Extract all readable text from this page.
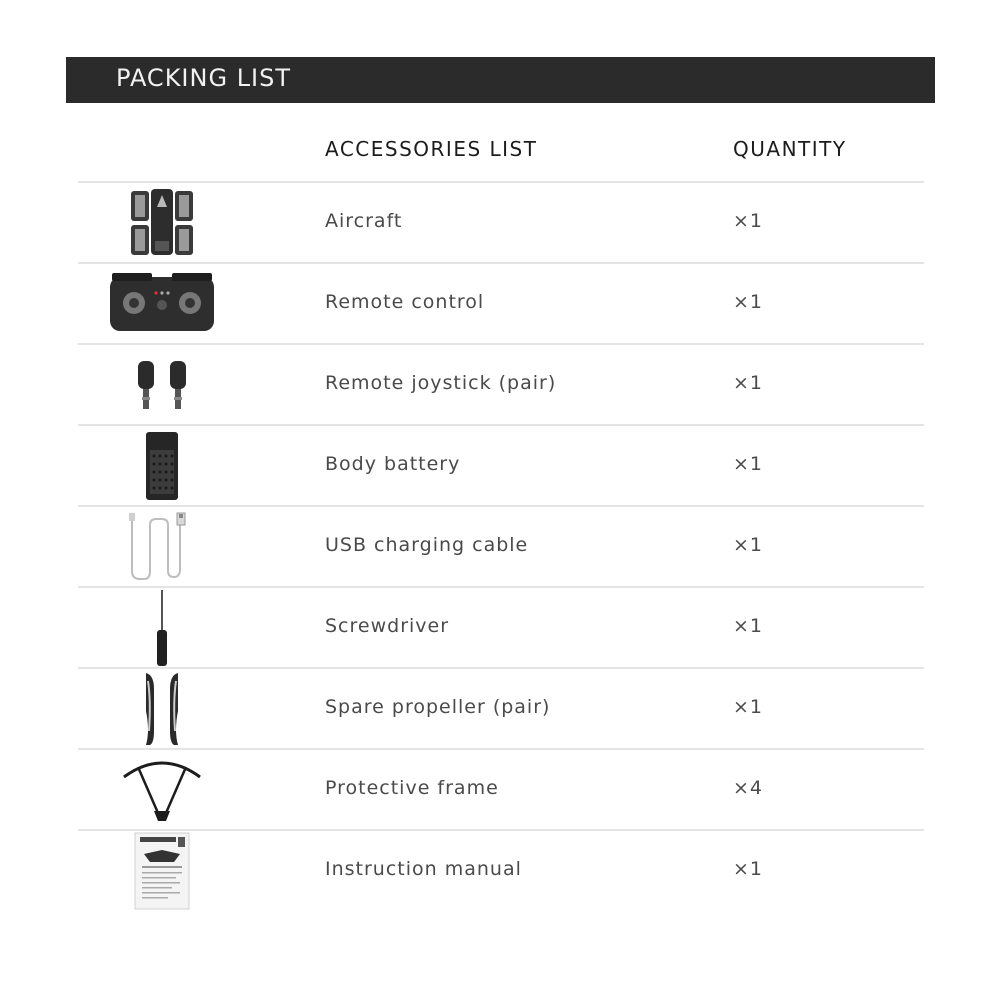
PACKING LIST
ACCESSORIES LIST	QUANTITY
Aircraft	×1
Remote control	×1
Remote joystick (pair)	×1
Body battery	×1
USB charging cable	×1
Screwdriver	×1
Spare propeller (pair)	×1
Protective frame	×4
Instruction manual	×1
